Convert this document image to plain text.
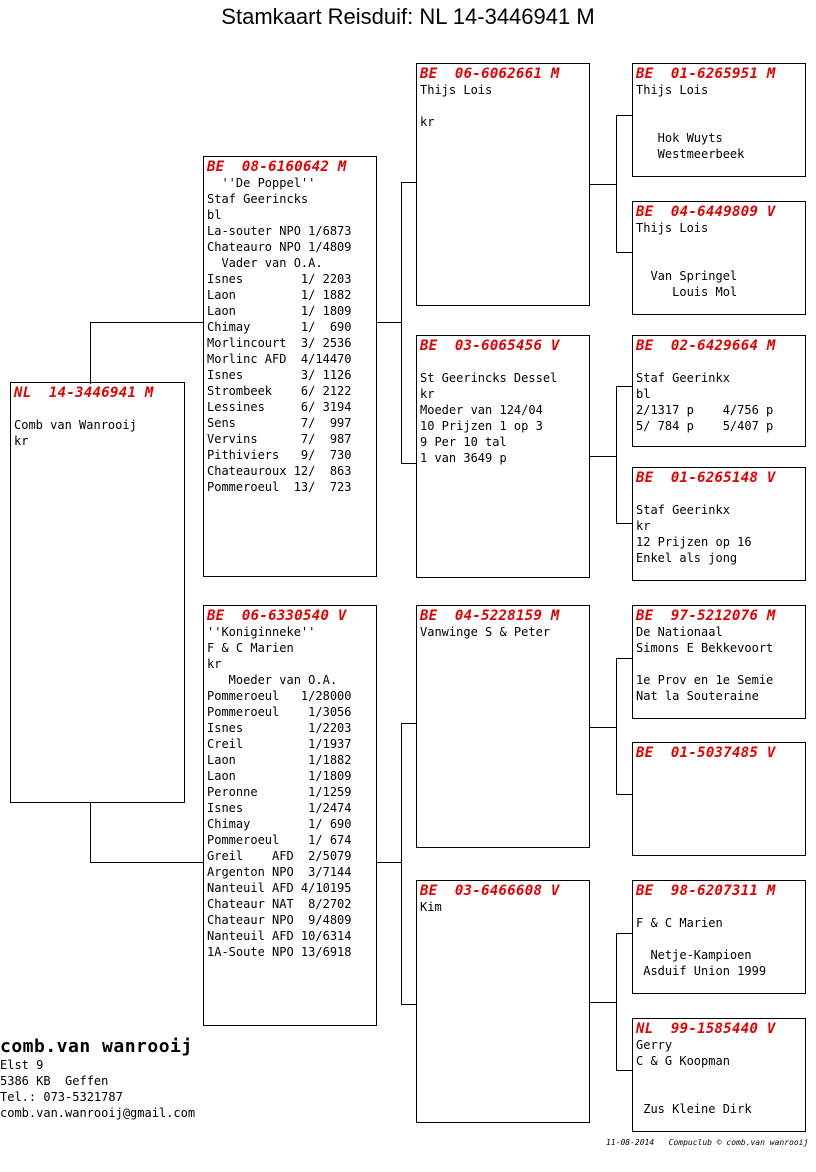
Stamkaart Reisduif: NL 14-3446941 M
NL  14-3446941 M

Comb van Wanrooij
kr
BE  08-6160642 M
''De Poppel''
Staf Geerincks
bl
La-souter NPO 1/6873
Chateauro NPO 1/4809
Vader van O.A.
Isnes        1/ 2203
Laon         1/ 1882
Laon         1/ 1809
Chimay       1/  690
Morlincourt  3/ 2536
Morlinc AFD  4/14470
Isnes        3/ 1126
Strombeek    6/ 2122
Lessines     6/ 3194
Sens         7/  997
Vervins      7/  987
Pithiviers   9/  730
Chateauroux 12/  863
Pommeroeul  13/  723
BE  06-6330540 V
''Koniginneke''
F & C Marien
kr
Moeder van O.A.
Pommeroeul   1/28000
Pommeroeul    1/3056
Isnes         1/2203
Creil         1/1937
Laon          1/1882
Laon          1/1809
Peronne       1/1259
Isnes         1/2474
Chimay        1/ 690
Pommeroeul    1/ 674
Greil    AFD  2/5079
Argenton NPO  3/7144
Nanteuil AFD 4/10195
Chateaur NAT  8/2702
Chateaur NPO  9/4809
Nanteuil AFD 10/6314
1A-Soute NPO 13/6918
BE  06-6062661 M
Thijs Lois

kr
BE  03-6065456 V

St Geerincks Dessel
kr
Moeder van 124/04
10 Prijzen 1 op 3
9 Per 10 tal
1 van 3649 p
BE  04-5228159 M
Vanwinge S & Peter
BE  03-6466608 V
Kim
BE  01-6265951 M
Thijs Lois

Hok Wuyts
Westmeerbeek
BE  04-6449809 V
Thijs Lois

Van Springel
Louis Mol
BE  02-6429664 M

Staf Geerinkx
bl
2/1317 p    4/756 p
5/ 784 p    5/407 p
BE  01-6265148 V

Staf Geerinkx
kr
12 Prijzen op 16
Enkel als jong
BE  97-5212076 M
De Nationaal
Simons E Bekkevoort

1e Prov en 1e Semie
Nat la Souteraine
BE  01-5037485 V
BE  98-6207311 M

F & C Marien

Netje-Kampioen
Asduif Union 1999
NL  99-1585440 V
Gerry
C & G Koopman

Zus Kleine Dirk
comb.van wanrooij
Elst 9
5386 KB  Geffen
Tel.: 073-5321787
comb.van.wanrooij@gmail.com
11-08-2014   Compuclub © comb.van wanrooij
